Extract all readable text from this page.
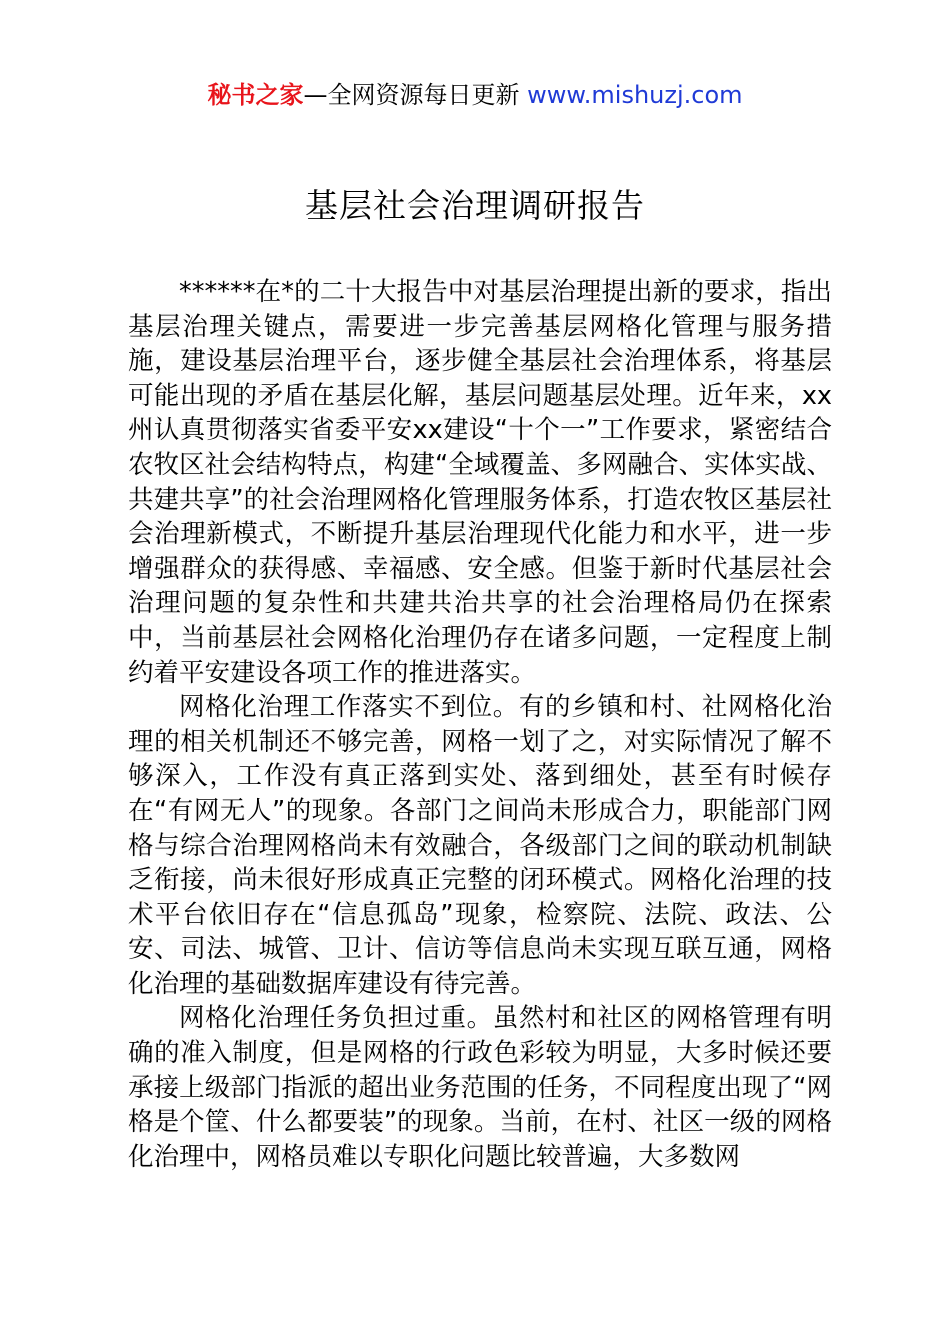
秘书之家—全网资源每日更新 www.mishuzj.com
基层社会治理调研报告

******在*的二十大报告中对基层治理提出新的要求，指出基层治理关键点，需要进一步完善基层网格化管理与服务措施，建设基层治理平台，逐步健全基层社会治理体系，将基层可能出现的矛盾在基层化解，基层问题基层处理。近年来，xx州认真贯彻落实省委平安xx建设“十个一”工作要求，紧密结合农牧区社会结构特点，构建“全域覆盖、多网融合、实体实战、共建共享”的社会治理网格化管理服务体系，打造农牧区基层社会治理新模式，不断提升基层治理现代化能力和水平，进一步增强群众的获得感、幸福感、安全感。但鉴于新时代基层社会治理问题的复杂性和共建共治共享的社会治理格局仍在探索中，当前基层社会网格化治理仍存在诸多问题，一定程度上制约着平安建设各项工作的推进落实。

网格化治理工作落实不到位。有的乡镇和村、社网格化治理的相关机制还不够完善，网格一划了之，对实际情况了解不够深入，工作没有真正落到实处、落到细处，甚至有时候存在“有网无人”的现象。各部门之间尚未形成合力，职能部门网格与综合治理网格尚未有效融合，各级部门之间的联动机制缺乏衔接，尚未很好形成真正完整的闭环模式。网格化治理的技术平台依旧存在“信息孤岛”现象，检察院、法院、政法、公安、司法、城管、卫计、信访等信息尚未实现互联互通，网格化治理的基础数据库建设有待完善。

网格化治理任务负担过重。虽然村和社区的网格管理有明确的准入制度，但是网格的行政色彩较为明显，大多时候还要承接上级部门指派的超出业务范围的任务，不同程度出现了“网格是个筐、什么都要装”的现象。当前，在村、社区一级的网格化治理中，网格员难以专职化问题比较普遍，大多数网
